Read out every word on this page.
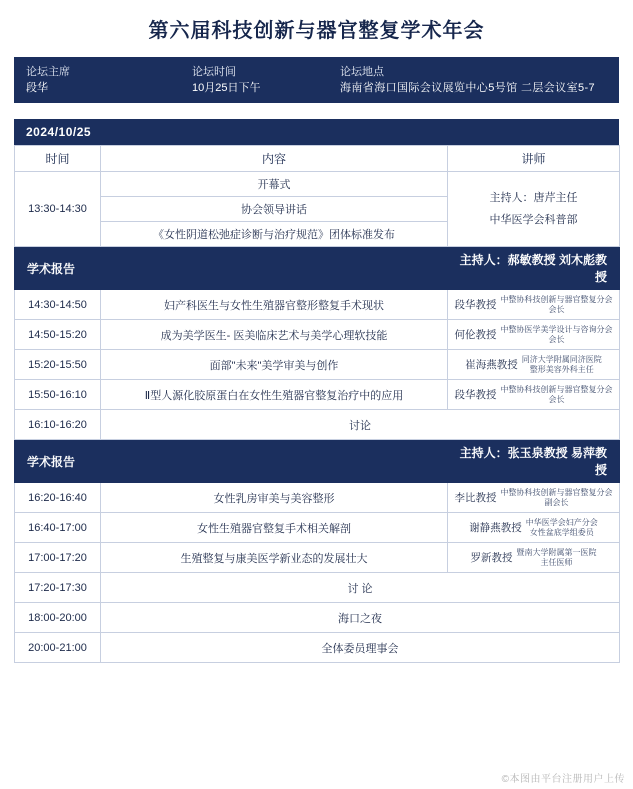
第六届科技创新与器官整复学术年会
论坛主席
段华
论坛时间
10月25日下午
论坛地点
海南省海口国际会议展览中心5号馆 二层会议室5-7
2024/10/25
时间	内容	讲师
13:30-14:30	开幕式	主持人：唐芹主任
中华医学会科普部

	协会领导讲话	
	《女性阴道松弛症诊断与治疗规范》团体标准发布	
学术报告		主持人：郝敏教授 刘木彪教授
14:30-14:50	妇产科医生与女性生殖器官整形整复手术现状	段华教授 中整协科技创新与器官整复分会
会长

14:50-15:20	成为美学医生- 医美临床艺术与美学心理软技能	何伦教授 中整协医学美学设计与咨询分会
会长

15:20-15:50	面部"未来"美学审美与创作	崔海燕教授 同济大学附属同济医院
整形美容外科主任

15:50-16:10	Ⅱ型人源化胶原蛋白在女性生殖器官整复治疗中的应用	段华教授 中整协科技创新与器官整复分会
会长

16:10-16:20	讨论	
学术报告		主持人：张玉泉教授 易萍教授
16:20-16:40	女性乳房审美与美容整形	李比教授 中整协科技创新与器官整复分会
副会长

16:40-17:00	女性生殖器官整复手术相关解剖	谢静燕教授 中华医学会妇产分会
女性盆底学组委员

17:00-17:20	生殖整复与康美医学新业态的发展壮大	罗新教授 暨南大学附属第一医院
主任医师

17:20-17:30	讨 论	
18:00-20:00	海口之夜	
20:00-21:00	全体委员理事会	
©本图由平台注册用户上传
